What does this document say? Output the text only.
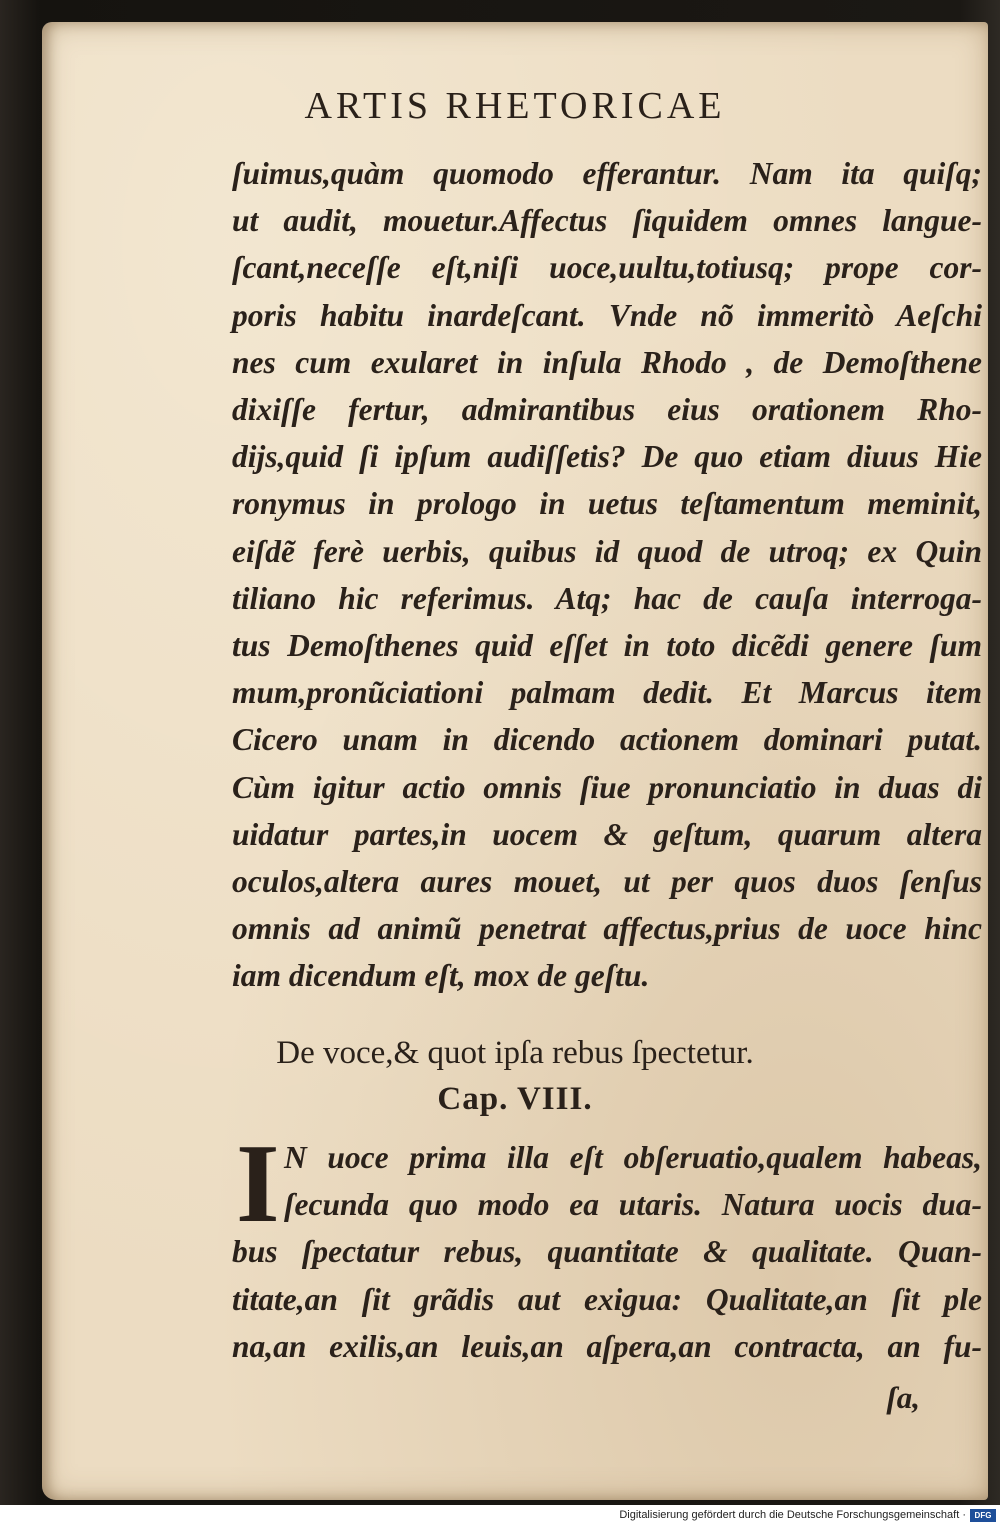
ARTIS RHETORICAE
ſuimus,quàm quomodo efferantur. Nam ita quiſq;
ut audit, mouetur.Affectus ſiquidem omnes langue-
ſcant,neceſſe eſt,niſi uoce,uultu,totiusq; prope cor-
poris habitu inardeſcant. Vnde nõ immeritò Aeſchi
nes cum exularet in inſula Rhodo , de Demoſthene
dixiſſe fertur, admirantibus eius orationem Rho-
dijs,quid ſi ipſum audiſſetis? De quo etiam diuus Hie
ronymus in prologo in uetus teſtamentum meminit,
eiſdẽ ferè uerbis, quibus id quod de utroq; ex Quin
tiliano hic referimus. Atq; hac de cauſa interroga-
tus Demoſthenes quid eſſet in toto dicẽdi genere ſum
mum,pronũciationi palmam dedit. Et Marcus item
Cicero unam in dicendo actionem dominari putat.
Cùm igitur actio omnis ſiue pronunciatio in duas di
uidatur partes,in uocem & geſtum, quarum altera
oculos,altera aures mouet, ut per quos duos ſenſus
omnis ad animũ penetrat affectus,prius de uoce hinc
iam dicendum eſt, mox de geſtu.
De voce,& quot ipſa rebus ſpectetur.
Cap. VIII.
I N uoce prima illa eſt obſeruatio,qualem habeas,
ſecunda quo modo ea utaris. Natura uocis dua-
bus ſpectatur rebus, quantitate & qualitate. Quan-
titate,an ſit grãdis aut exigua: Qualitate,an ſit ple
na,an exilis,an leuis,an aſpera,an contracta, an fu-
ſa,
Digitalisierung gefördert durch die Deutsche Forschungsgemeinschaft ·	DFG
